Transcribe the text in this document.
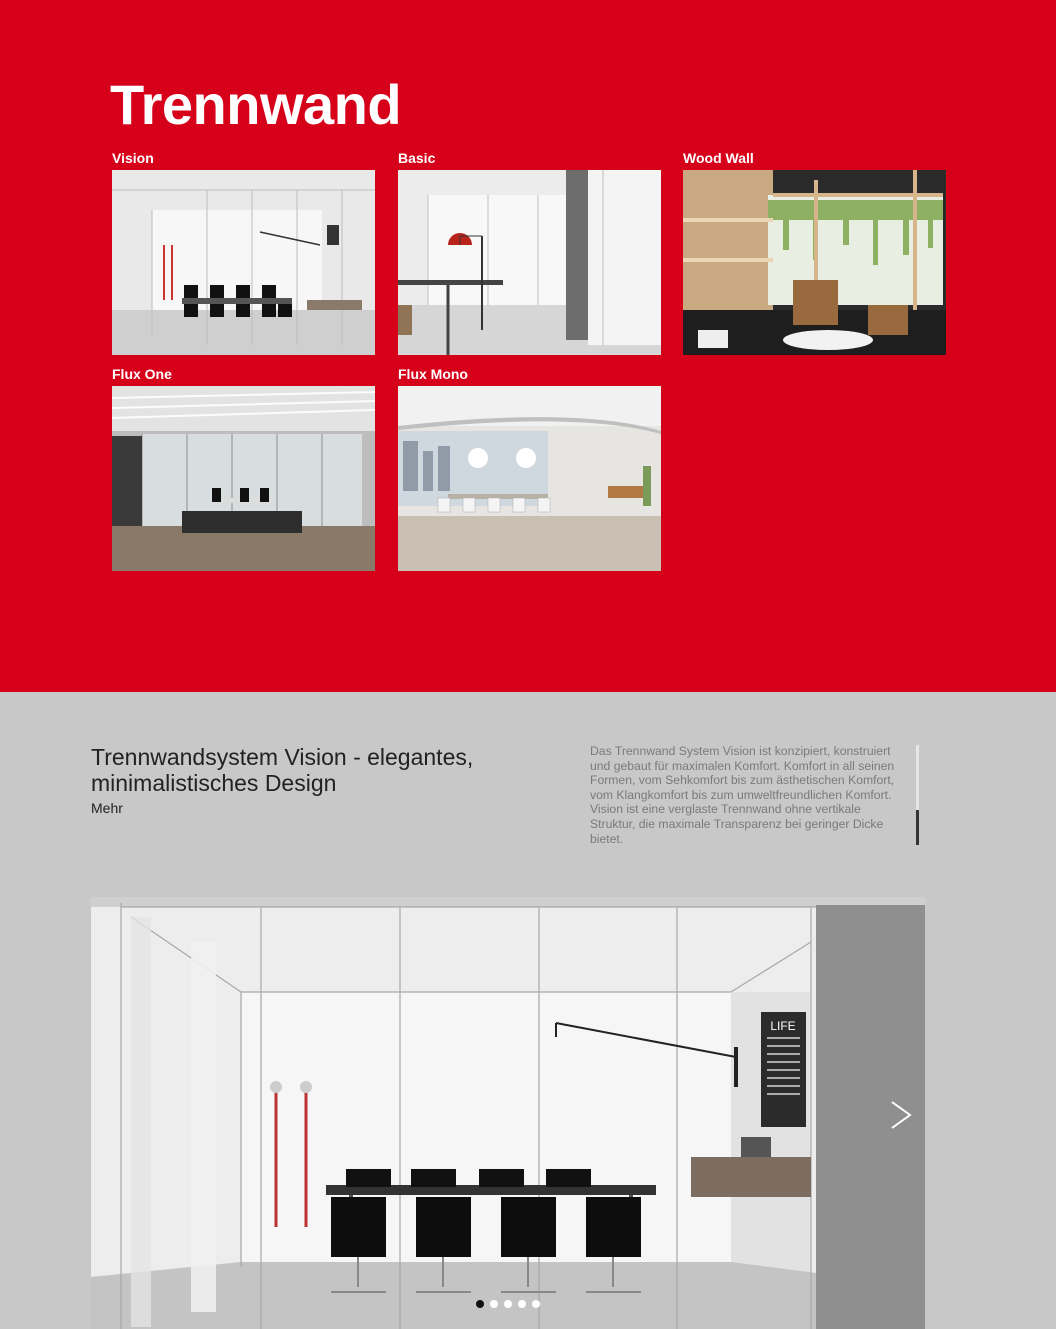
Trennwand
Vision	Basic	Wood Wall
Flux One	Flux Mono
Trennwandsystem Vision - elegantes, minimalistisches Design
Mehr
Das Trennwand System Vision ist konzipiert, konstruiert und gebaut für maximalen Komfort. Komfort in all seinen Formen, vom Sehkomfort bis zum ästhetischen Komfort, vom Klangkomfort bis zum umweltfreundlichen Komfort. Vision ist eine verglaste Trennwand ohne vertikale Struktur, die maximale Transparenz bei geringer Dicke bietet.
LIFE
